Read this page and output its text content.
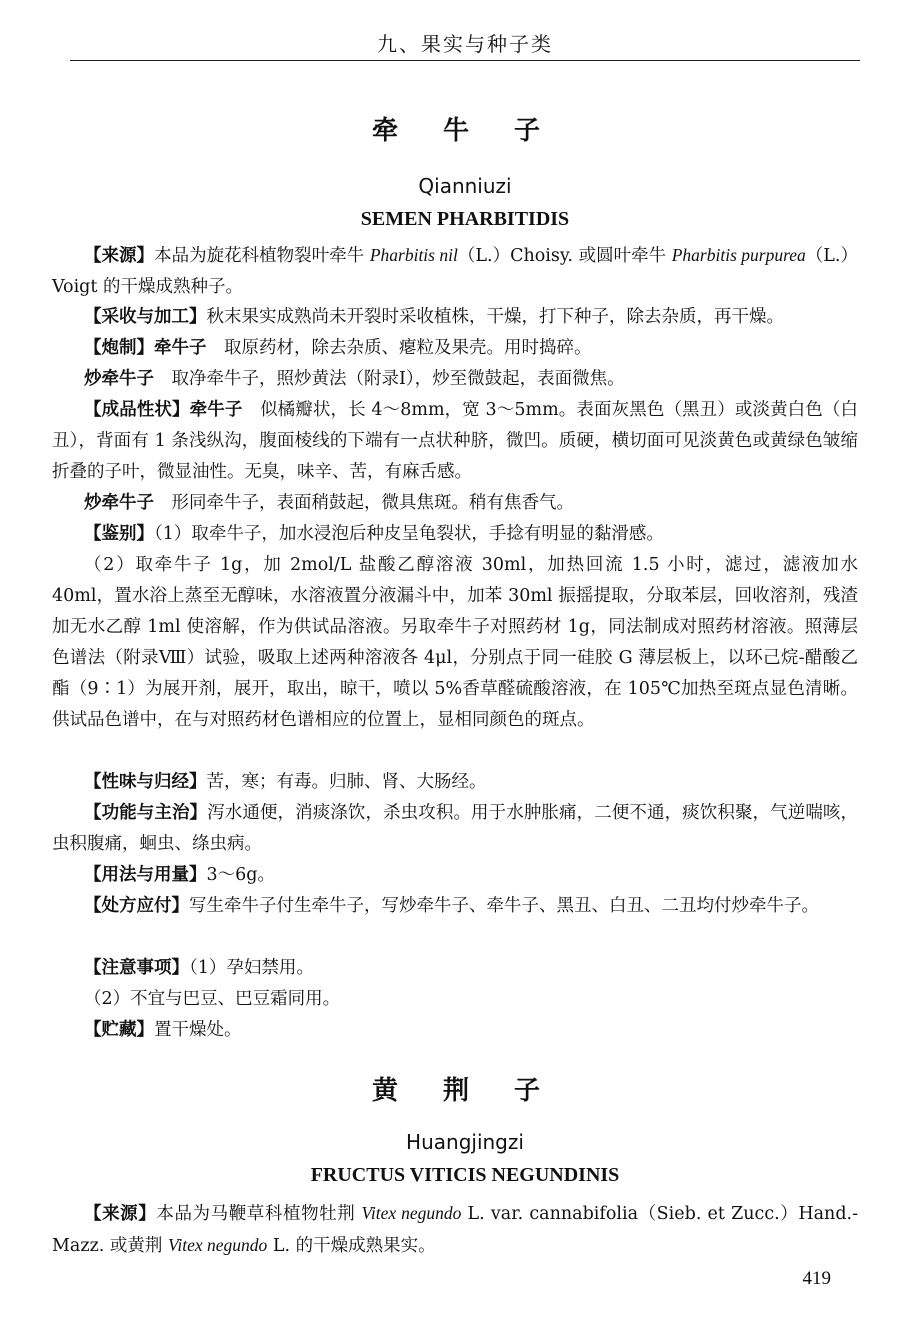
九、果实与种子类
牵 牛 子
Qianniuzi
SEMEN PHARBITIDIS
【来源】本品为旋花科植物裂叶牵牛 Pharbitis nil（L.）Choisy. 或圆叶牵牛 Pharbitis purpurea（L.）Voigt 的干燥成熟种子。
【采收与加工】秋末果实成熟尚未开裂时采收植株，干燥，打下种子，除去杂质，再干燥。
【炮制】牵牛子　取原药材，除去杂质、瘪粒及果壳。用时捣碎。
炒牵牛子　取净牵牛子，照炒黄法（附录Ⅰ），炒至微鼓起，表面微焦。
【成品性状】牵牛子　似橘瓣状，长 4～8mm，宽 3～5mm。表面灰黑色（黑丑）或淡黄白色（白丑），背面有 1 条浅纵沟，腹面棱线的下端有一点状种脐，微凹。质硬，横切面可见淡黄色或黄绿色皱缩折叠的子叶，微显油性。无臭，味辛、苦，有麻舌感。
炒牵牛子　形同牵牛子，表面稍鼓起，微具焦斑。稍有焦香气。
【鉴别】（1）取牵牛子，加水浸泡后种皮呈龟裂状，手捻有明显的黏滑感。
（2）取牵牛子 1g，加 2mol/L 盐酸乙醇溶液 30ml，加热回流 1.5 小时，滤过，滤液加水 40ml，置水浴上蒸至无醇味，水溶液置分液漏斗中，加苯 30ml 振摇提取，分取苯层，回收溶剂，残渣加无水乙醇 1ml 使溶解，作为供试品溶液。另取牵牛子对照药材 1g，同法制成对照药材溶液。照薄层色谱法（附录Ⅷ）试验，吸取上述两种溶液各 4μl，分别点于同一硅胶 G 薄层板上，以环己烷-醋酸乙酯（9∶1）为展开剂，展开，取出，晾干，喷以 5%香草醛硫酸溶液，在 105℃加热至斑点显色清晰。供试品色谱中，在与对照药材色谱相应的位置上，显相同颜色的斑点。
【性味与归经】苦，寒；有毒。归肺、肾、大肠经。
【功能与主治】泻水通便，消痰涤饮，杀虫攻积。用于水肿胀痛，二便不通，痰饮积聚，气逆喘咳，虫积腹痛，蛔虫、绦虫病。
【用法与用量】3～6g。
【处方应付】写生牵牛子付生牵牛子，写炒牵牛子、牵牛子、黑丑、白丑、二丑均付炒牵牛子。
【注意事项】（1）孕妇禁用。
（2）不宜与巴豆、巴豆霜同用。
【贮藏】置干燥处。
黄 荆 子
Huangjingzi
FRUCTUS VITICIS NEGUNDINIS
【来源】本品为马鞭草科植物牡荆 Vitex negundo L. var. cannabifolia（Sieb. et Zucc.）Hand.-Mazz. 或黄荆 Vitex negundo L. 的干燥成熟果实。
419
